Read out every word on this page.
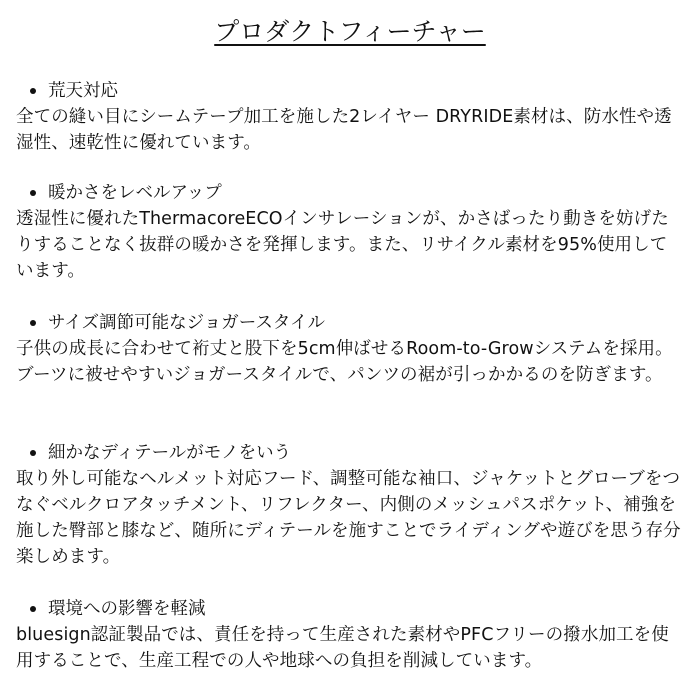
プロダクトフィーチャー
荒天対応

全ての縫い目にシームテープ加工を施した2レイヤー DRYRIDE素材は、防水性や透湿性、速乾性に優れています。

暖かさをレベルアップ

透湿性に優れたThermacoreECOインサレーションが、かさばったり動きを妨げたりすることなく抜群の暖かさを発揮します。また、リサイクル素材を95%使用しています。

サイズ調節可能なジョガースタイル

子供の成長に合わせて裄丈と股下を5cm伸ばせるRoom-to-Growシステムを採用。ブーツに被せやすいジョガースタイルで、パンツの裾が引っかかるのを防ぎます。

細かなディテールがモノをいう

取り外し可能なヘルメット対応フード、調整可能な袖口、ジャケットとグローブをつなぐベルクロアタッチメント、リフレクター、内側のメッシュパスポケット、補強を施した臀部と膝など、随所にディテールを施すことでライディングや遊びを思う存分楽しめます。

環境への影響を軽減

bluesign認証製品では、責任を持って生産された素材やPFCフリーの撥水加工を使用することで、生産工程での人や地球への負担を削減しています。
